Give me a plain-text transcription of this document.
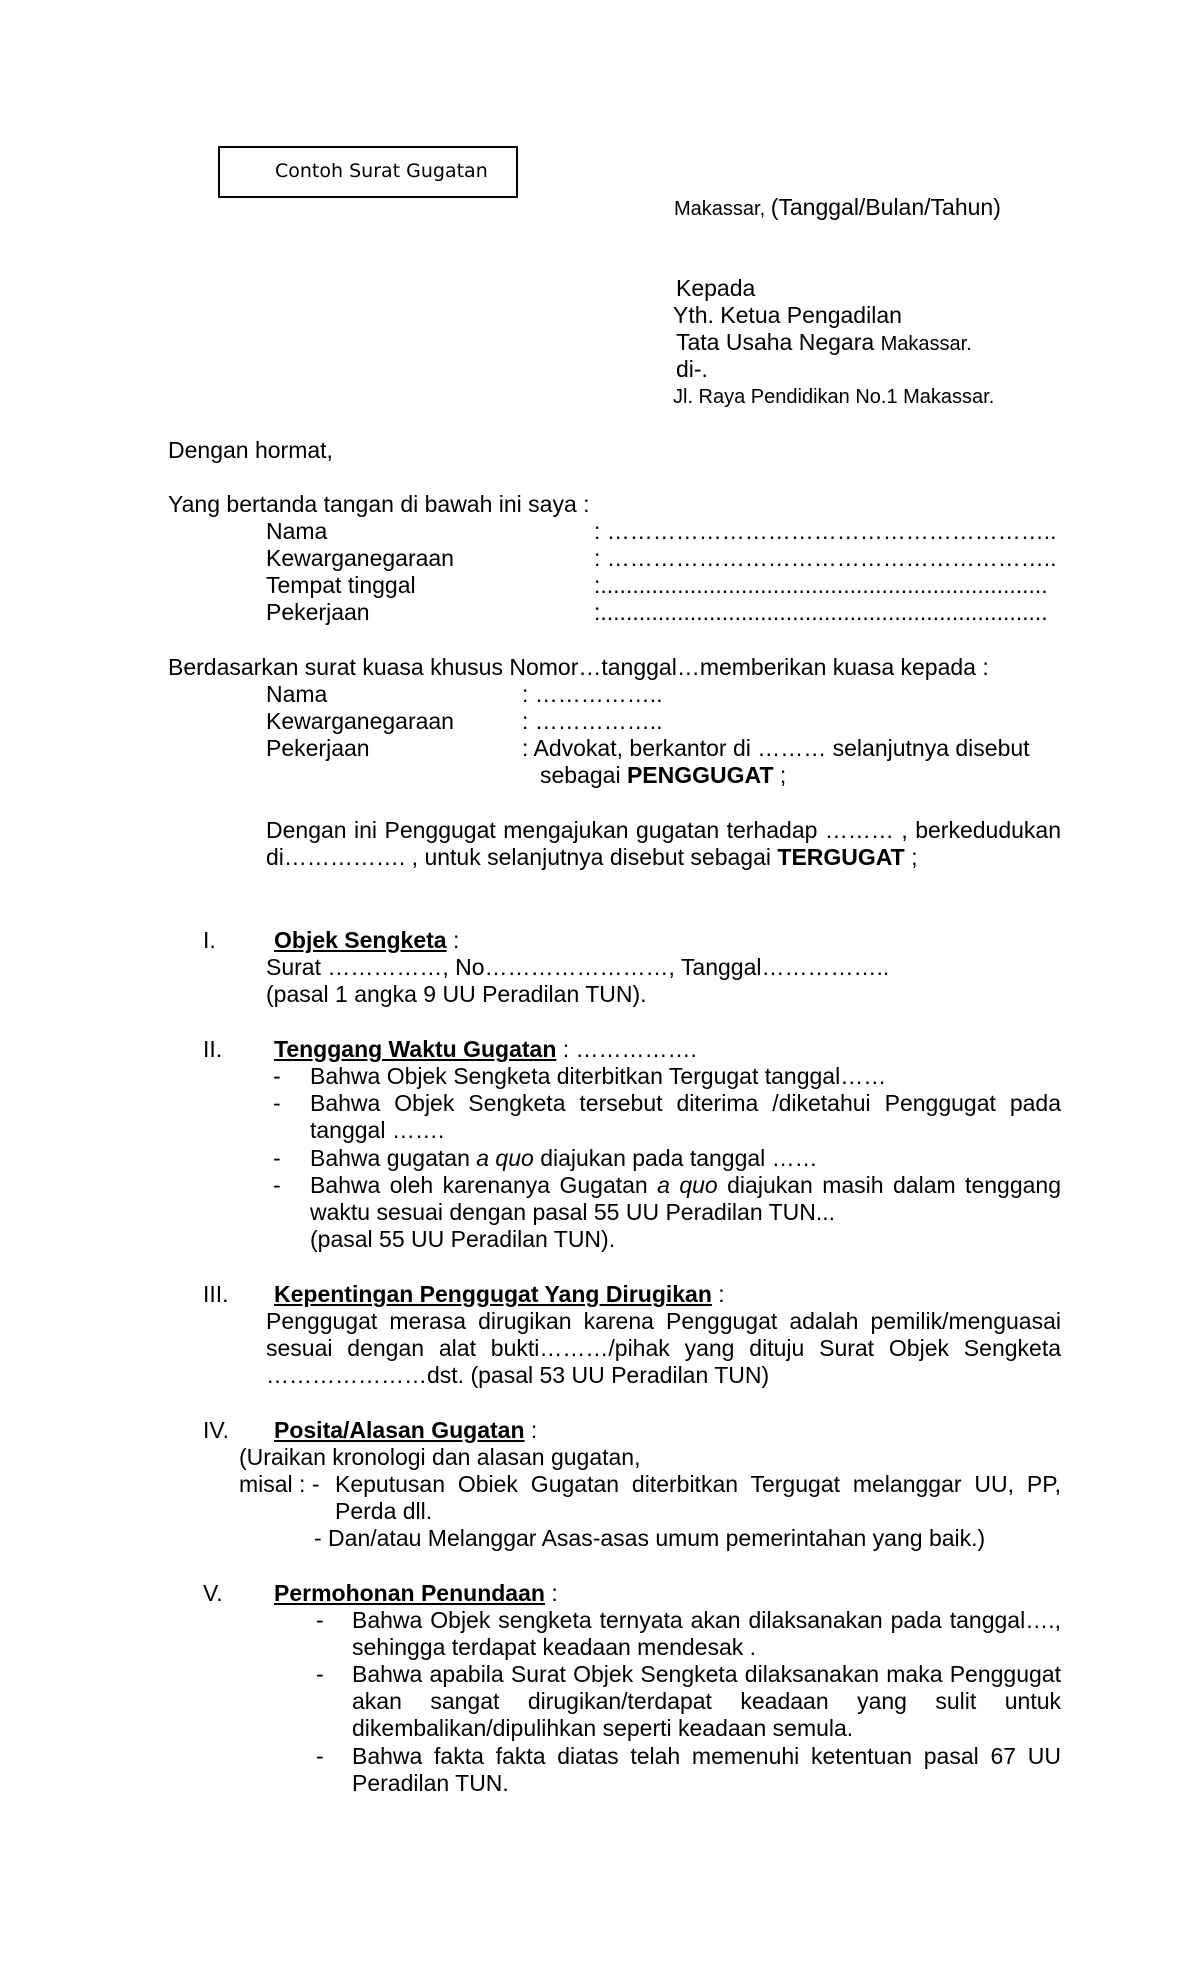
Contoh Surat Gugatan
Makassar, (Tanggal/Bulan/Tahun)
Kepada
Yth. Ketua Pengadilan
Tata Usaha Negara Makassar.
di-.
Jl. Raya Pendidikan No.1 Makassar.
Dengan hormat,
Yang bertanda tangan di bawah ini saya :
Nama	: …………………………………………………..
Kewarganegaraan	: …………………………………………………..
Tempat tinggal	:......................................................................
Pekerjaan	:......................................................................
Berdasarkan surat kuasa khusus Nomor…tanggal…memberikan kuasa kepada :
Nama	: ……………..
Kewarganegaraan	: ……………..
Pekerjaan	: Advokat, berkantor di ……… selanjutnya disebut
sebagai PENGGUGAT ;
Dengan ini Penggugat mengajukan gugatan terhadap ……… , berkedudukan di……………. , untuk selanjutnya disebut sebagai TERGUGAT ;
I.	Objek Sengketa :
Surat ……………, No……………………, Tanggal……………..
(pasal 1 angka 9 UU Peradilan TUN).
II. Tenggang Waktu Gugatan : …………….
- Bahwa Objek Sengketa diterbitkan Tergugat tanggal……
- Bahwa Objek Sengketa tersebut diterima /diketahui Penggugat pada tanggal …….
- Bahwa gugatan a quo diajukan pada tanggal ……
- Bahwa oleh karenanya Gugatan a quo diajukan masih dalam tenggang waktu sesuai dengan pasal 55 UU Peradilan TUN...
(pasal 55 UU Peradilan TUN).
III. Kepentingan Penggugat Yang Dirugikan :
Penggugat merasa dirugikan karena Penggugat adalah pemilik/menguasai sesuai dengan alat bukti………/pihak yang dituju Surat Objek Sengketa …………………dst. (pasal 53 UU Peradilan TUN)
IV. Posita/Alasan Gugatan :
(Uraikan kronologi dan alasan gugatan,
misal : - Keputusan Obiek Gugatan diterbitkan Tergugat melanggar UU, PP, Perda dll.
- Dan/atau Melanggar Asas-asas umum pemerintahan yang baik.)
V. Permohonan Penundaan :
- Bahwa Objek sengketa ternyata akan dilaksanakan pada tanggal…., sehingga terdapat keadaan mendesak .
- Bahwa apabila Surat Objek Sengketa dilaksanakan maka Penggugat akan sangat dirugikan/terdapat keadaan yang sulit untuk dikembalikan/dipulihkan seperti keadaan semula.
- Bahwa fakta fakta diatas telah memenuhi ketentuan pasal 67 UU Peradilan TUN.
